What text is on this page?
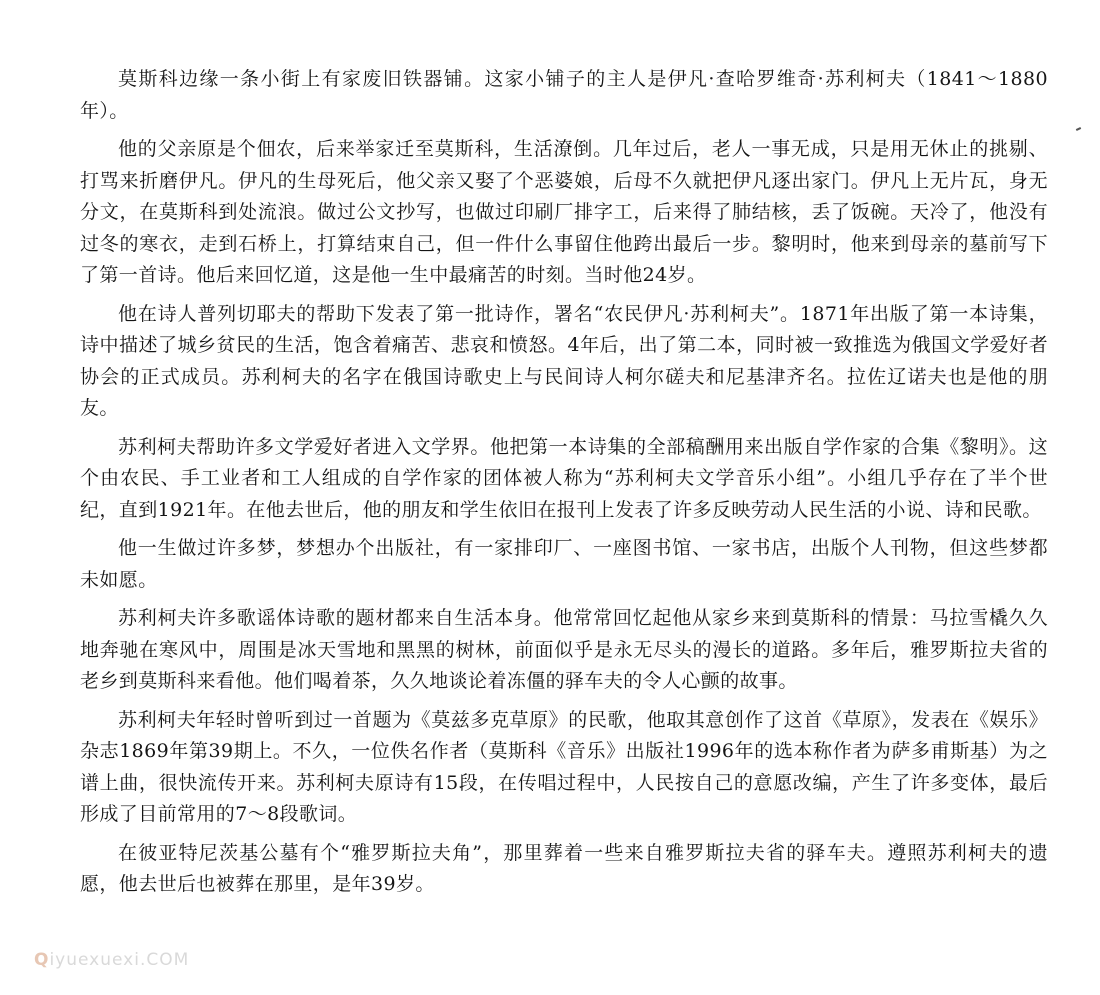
莫斯科边缘一条小街上有家废旧铁器铺。这家小铺子的主人是伊凡·查哈罗维奇·苏利柯夫（1841～1880年）。

他的父亲原是个佃农，后来举家迁至莫斯科，生活潦倒。几年过后，老人一事无成，只是用无休止的挑剔、打骂来折磨伊凡。伊凡的生母死后，他父亲又娶了个恶婆娘，后母不久就把伊凡逐出家门。伊凡上无片瓦，身无分文，在莫斯科到处流浪。做过公文抄写，也做过印刷厂排字工，后来得了肺结核，丢了饭碗。天冷了，他没有过冬的寒衣，走到石桥上，打算结束自己，但一件什么事留住他跨出最后一步。黎明时，他来到母亲的墓前写下了第一首诗。他后来回忆道，这是他一生中最痛苦的时刻。当时他24岁。

他在诗人普列切耶夫的帮助下发表了第一批诗作，署名“农民伊凡·苏利柯夫”。1871年出版了第一本诗集，诗中描述了城乡贫民的生活，饱含着痛苦、悲哀和愤怒。4年后，出了第二本，同时被一致推选为俄国文学爱好者协会的正式成员。苏利柯夫的名字在俄国诗歌史上与民间诗人柯尔磋夫和尼基津齐名。拉佐辽诺夫也是他的朋友。

苏利柯夫帮助许多文学爱好者进入文学界。他把第一本诗集的全部稿酬用来出版自学作家的合集《黎明》。这个由农民、手工业者和工人组成的自学作家的团体被人称为“苏利柯夫文学音乐小组”。小组几乎存在了半个世纪，直到1921年。在他去世后，他的朋友和学生依旧在报刊上发表了许多反映劳动人民生活的小说、诗和民歌。

他一生做过许多梦，梦想办个出版社，有一家排印厂、一座图书馆、一家书店，出版个人刊物，但这些梦都未如愿。

苏利柯夫许多歌谣体诗歌的题材都来自生活本身。他常常回忆起他从家乡来到莫斯科的情景：马拉雪橇久久地奔驰在寒风中，周围是冰天雪地和黑黑的树林，前面似乎是永无尽头的漫长的道路。多年后，雅罗斯拉夫省的老乡到莫斯科来看他。他们喝着茶，久久地谈论着冻僵的驿车夫的令人心颤的故事。

苏利柯夫年轻时曾听到过一首题为《莫兹多克草原》的民歌，他取其意创作了这首《草原》，发表在《娱乐》杂志1869年第39期上。不久，一位佚名作者（莫斯科《音乐》出版社1996年的选本称作者为萨多甫斯基）为之谱上曲，很快流传开来。苏利柯夫原诗有15段，在传唱过程中，人民按自己的意愿改编，产生了许多变体，最后形成了目前常用的7～8段歌词。

在彼亚特尼茨基公墓有个“雅罗斯拉夫角”，那里葬着一些来自雅罗斯拉夫省的驿车夫。遵照苏利柯夫的遗愿，他去世后也被葬在那里，是年39岁。

Qiyuexuexi.COM
